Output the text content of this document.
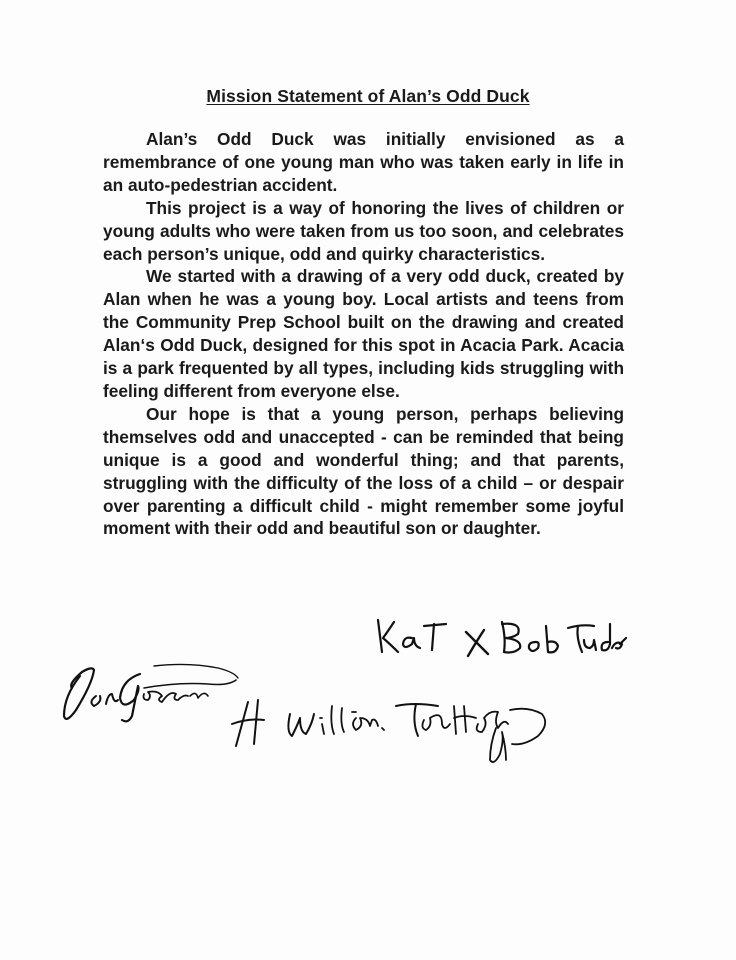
Mission Statement of Alan’s Odd Duck

Alan’s Odd Duck was initially envisioned as a remembrance of one young man who was taken early in life in an auto-pedestrian accident.

This project is a way of honoring the lives of children or young adults who were taken from us too soon, and celebrates each person’s unique, odd and quirky characteristics.

We started with a drawing of a very odd duck, created by Alan when he was a young boy. Local artists and teens from the Community Prep School built on the drawing and created Alan‘s Odd Duck, designed for this spot in Acacia Park. Acacia is a park frequented by all types, including kids struggling with feeling different from everyone else.

Our hope is that a young person, perhaps believing themselves odd and unaccepted - can be reminded that being unique is a good and wonderful thing; and that parents, struggling with the difficulty of the loss of a child – or despair over parenting a difficult child - might remember some joyful moment with their odd and beautiful son or daughter.
